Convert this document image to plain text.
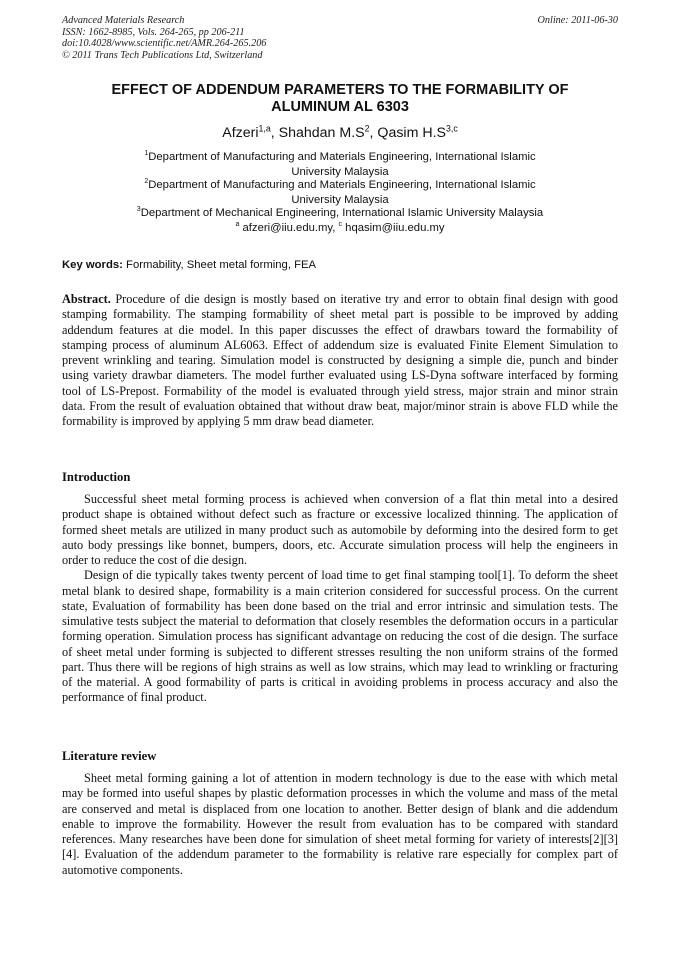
Advanced Materials Research
ISSN: 1662-8985, Vols. 264-265, pp 206-211
doi:10.4028/www.scientific.net/AMR.264-265.206
© 2011 Trans Tech Publications Ltd, Switzerland
Online: 2011-06-30
EFFECT OF ADDENDUM PARAMETERS TO THE FORMABILITY OF
ALUMINUM AL 6303
Afzeri$^{1,a}$, Shahdan $M.S^2$, Qasim $H.S^{3,c}$
$^1$Department of Manufacturing and Materials Engineering, International Islamic
University Malaysia
$^2$Department of Manufacturing and Materials Engineering, International Islamic
University Malaysia
$^3$Department of Mechanical Engineering, International Islamic University Malaysia
$^a$ afzeri@iiu.edu.my, $^c$ hqasim@iiu.edu.my
Key words: Formability, Sheet metal forming, FEA

Abstract. Procedure of die design is mostly based on iterative try and error to obtain final design with good stamping formability. The stamping formability of sheet metal part is possible to be improved by adding addendum features at die model. In this paper discusses the effect of drawbars toward the formability of stamping process of aluminum AL6063. Effect of addendum size is evaluated Finite Element Simulation to prevent wrinkling and tearing. Simulation model is constructed by designing a simple die, punch and binder using variety drawbar diameters. The model further evaluated using LS-Dyna software interfaced by forming tool of LS-Prepost. Formability of the model is evaluated through yield stress, major strain and minor strain data. From the result of evaluation obtained that without draw beat, major/minor strain is above FLD while the formability is improved by applying 5 mm draw bead diameter.

Introduction

Successful sheet metal forming process is achieved when conversion of a flat thin metal into a desired product shape is obtained without defect such as fracture or excessive localized thinning. The application of formed sheet metals are utilized in many product such as automobile by deforming into the desired form to get auto body pressings like bonnet, bumpers, doors, etc. Accurate simulation process will help the engineers in order to reduce the cost of die design.

Design of die typically takes twenty percent of load time to get final stamping tool[1]. To deform the sheet metal blank to desired shape, formability is a main criterion considered for successful process. On the current state, Evaluation of formability has been done based on the trial and error intrinsic and simulation tests. The simulative tests subject the material to deformation that closely resembles the deformation occurs in a particular forming operation. Simulation process has significant advantage on reducing the cost of die design. The surface of sheet metal under forming is subjected to different stresses resulting the non uniform strains of the formed part. Thus there will be regions of high strains as well as low strains, which may lead to wrinkling or fracturing of the material. A good formability of parts is critical in avoiding problems in process accuracy and also the performance of final product.

Literature review

Sheet metal forming gaining a lot of attention in modern technology is due to the ease with which metal may be formed into useful shapes by plastic deformation processes in which the volume and mass of the metal are conserved and metal is displaced from one location to another. Better design of blank and die addendum enable to improve the formability. However the result from evaluation has to be compared with standard references. Many researches have been done for simulation of sheet metal forming for variety of interests[2][3][4]. Evaluation of the addendum parameter to the formability is relative rare especially for complex part of automotive components.
